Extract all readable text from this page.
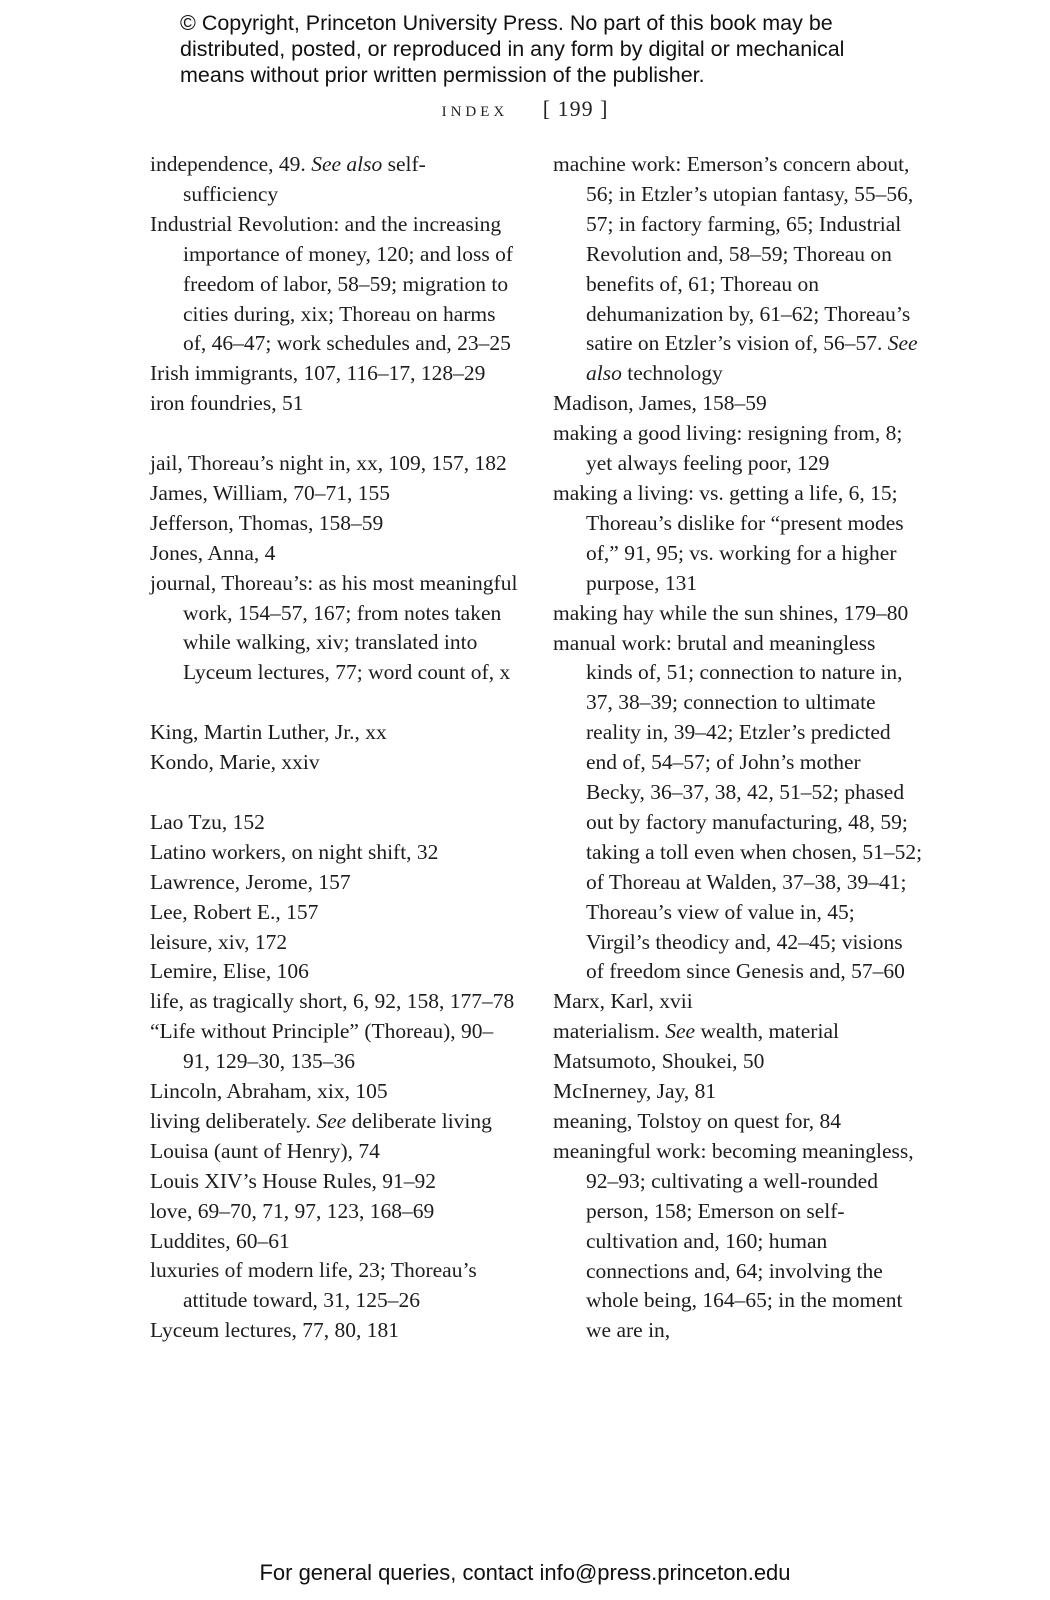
© Copyright, Princeton University Press. No part of this book may be
distributed, posted, or reproduced in any form by digital or mechanical
means without prior written permission of the publisher.
index [ 199 ]
independence, 49. See also self-sufficiency
Industrial Revolution: and the increasing importance of money, 120; and loss of freedom of labor, 58–59; migration to cities during, xix; Thoreau on harms of, 46–47; work schedules and, 23–25
Irish immigrants, 107, 116–17, 128–29
iron foundries, 51
jail, Thoreau’s night in, xx, 109, 157, 182
James, William, 70–71, 155
Jefferson, Thomas, 158–59
Jones, Anna, 4
journal, Thoreau’s: as his most meaningful work, 154–57, 167; from notes taken while walking, xiv; translated into Lyceum lectures, 77; word count of, x
King, Martin Luther, Jr., xx
Kondo, Marie, xxiv
Lao Tzu, 152
Latino workers, on night shift, 32
Lawrence, Jerome, 157
Lee, Robert E., 157
leisure, xiv, 172
Lemire, Elise, 106
life, as tragically short, 6, 92, 158, 177–78
“Life without Principle” (Thoreau), 90–91, 129–30, 135–36
Lincoln, Abraham, xix, 105
living deliberately. See deliberate living
Louisa (aunt of Henry), 74
Louis XIV’s House Rules, 91–92
love, 69–70, 71, 97, 123, 168–69
Luddites, 60–61
luxuries of modern life, 23; Thoreau’s attitude toward, 31, 125–26
Lyceum lectures, 77, 80, 181
machine work: Emerson’s concern about, 56; in Etzler’s utopian fantasy, 55–56, 57; in factory farming, 65; Industrial Revolution and, 58–59; Thoreau on benefits of, 61; Thoreau on dehumanization by, 61–62; Thoreau’s satire on Etzler’s vision of, 56–57. See also technology
Madison, James, 158–59
making a good living: resigning from, 8; yet always feeling poor, 129
making a living: vs. getting a life, 6, 15; Thoreau’s dislike for “present modes of,” 91, 95; vs. working for a higher purpose, 131
making hay while the sun shines, 179–80
manual work: brutal and meaningless kinds of, 51; connection to nature in, 37, 38–39; connection to ultimate reality in, 39–42; Etzler’s predicted end of, 54–57; of John’s mother Becky, 36–37, 38, 42, 51–52; phased out by factory manufacturing, 48, 59; taking a toll even when chosen, 51–52; of Thoreau at Walden, 37–38, 39–41; Thoreau’s view of value in, 45; Virgil’s theodicy and, 42–45; visions of freedom since Genesis and, 57–60
Marx, Karl, xvii
materialism. See wealth, material
Matsumoto, Shoukei, 50
McInerney, Jay, 81
meaning, Tolstoy on quest for, 84
meaningful work: becoming meaningless, 92–93; cultivating a well-rounded person, 158; Emerson on self-cultivation and, 160; human connections and, 64; involving the whole being, 164–65; in the moment we are in,
For general queries, contact info@press.princeton.edu
